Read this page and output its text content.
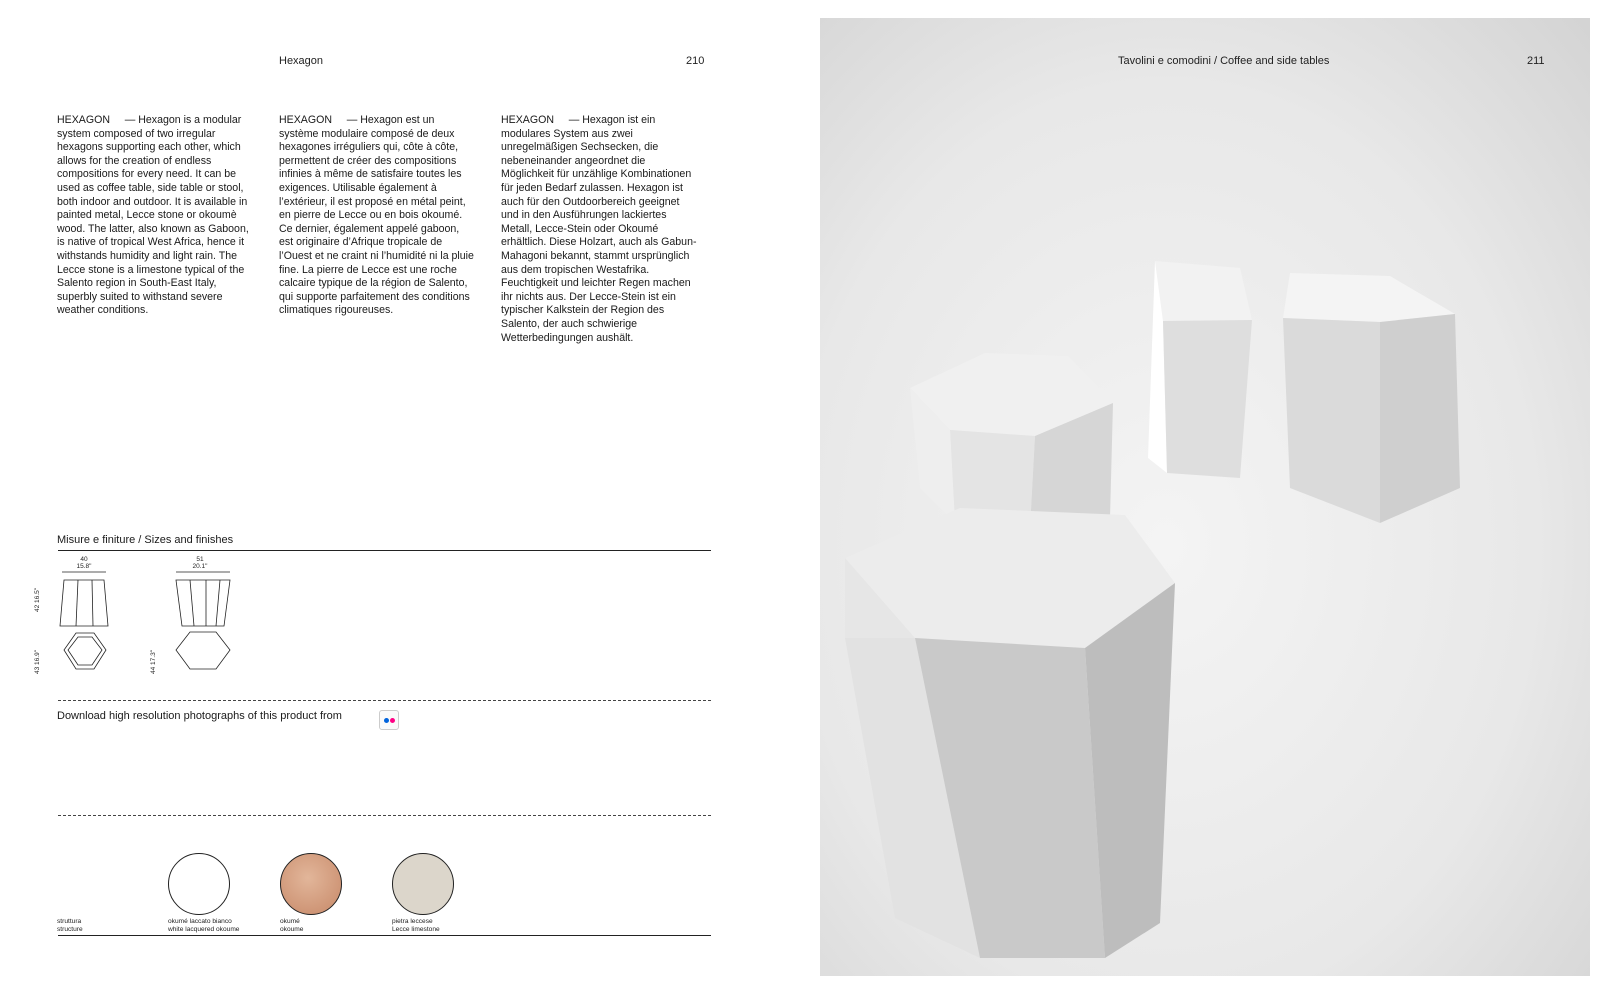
Hexagon	210

HEXAGON — Hexagon is a modular system composed of two irregular hexagons supporting each other, which allows for the creation of endless compositions for every need. It can be used as coffee table, side table or stool, both indoor and outdoor. It is available in painted metal, Lecce stone or okoumè wood. The latter, also known as Gaboon, is native of tropical West Africa, hence it withstands humidity and light rain. The Lecce stone is a limestone typical of the Salento region in South-East Italy, superbly suited to withstand severe weather conditions.

HEXAGON — Hexagon est un système modulaire composé de deux hexagones irréguliers qui, côte à côte, permettent de créer des compositions infinies à même de satisfaire toutes les exigences. Utilisable également à l’extérieur, il est proposé en métal peint, en pierre de Lecce ou en bois okoumé. Ce dernier, également appelé gaboon, est originaire d’Afrique tropicale de l’Ouest et ne craint ni l’humidité ni la pluie fine. La pierre de Lecce est une roche calcaire typique de la région de Salento, qui supporte parfaitement des conditions climatiques rigoureuses.

HEXAGON — Hexagon ist ein modulares System aus zwei unregelmäßigen Sechsecken, die nebeneinander angeordnet die Möglichkeit für unzählige Kombinationen für jeden Bedarf zulassen. Hexagon ist auch für den Outdoorbereich geeignet und in den Ausführungen lackiertes Metall, Lecce-Stein oder Okoumé erhältlich. Diese Holzart, auch als Gabun-Mahagoni bekannt, stammt ursprünglich aus dem tropischen Westafrika. Feuchtigkeit und leichter Regen machen ihr nichts aus. Der Lecce-Stein ist ein typischer Kalkstein der Region des Salento, der auch schwierige Wetterbedingungen aushält.

Misure e finiture / Sizes and finishes
40
15.8"
51
20.1"
42 16.5"
43 16.9"
44 17.3"
Download high resolution photographs of this product from
struttura
structure
okumé laccato bianco
white lacquered okoume
okumé
okoume
pietra leccese
Lecce limestone
Tavolini e comodini / Coffee and side tables	211
